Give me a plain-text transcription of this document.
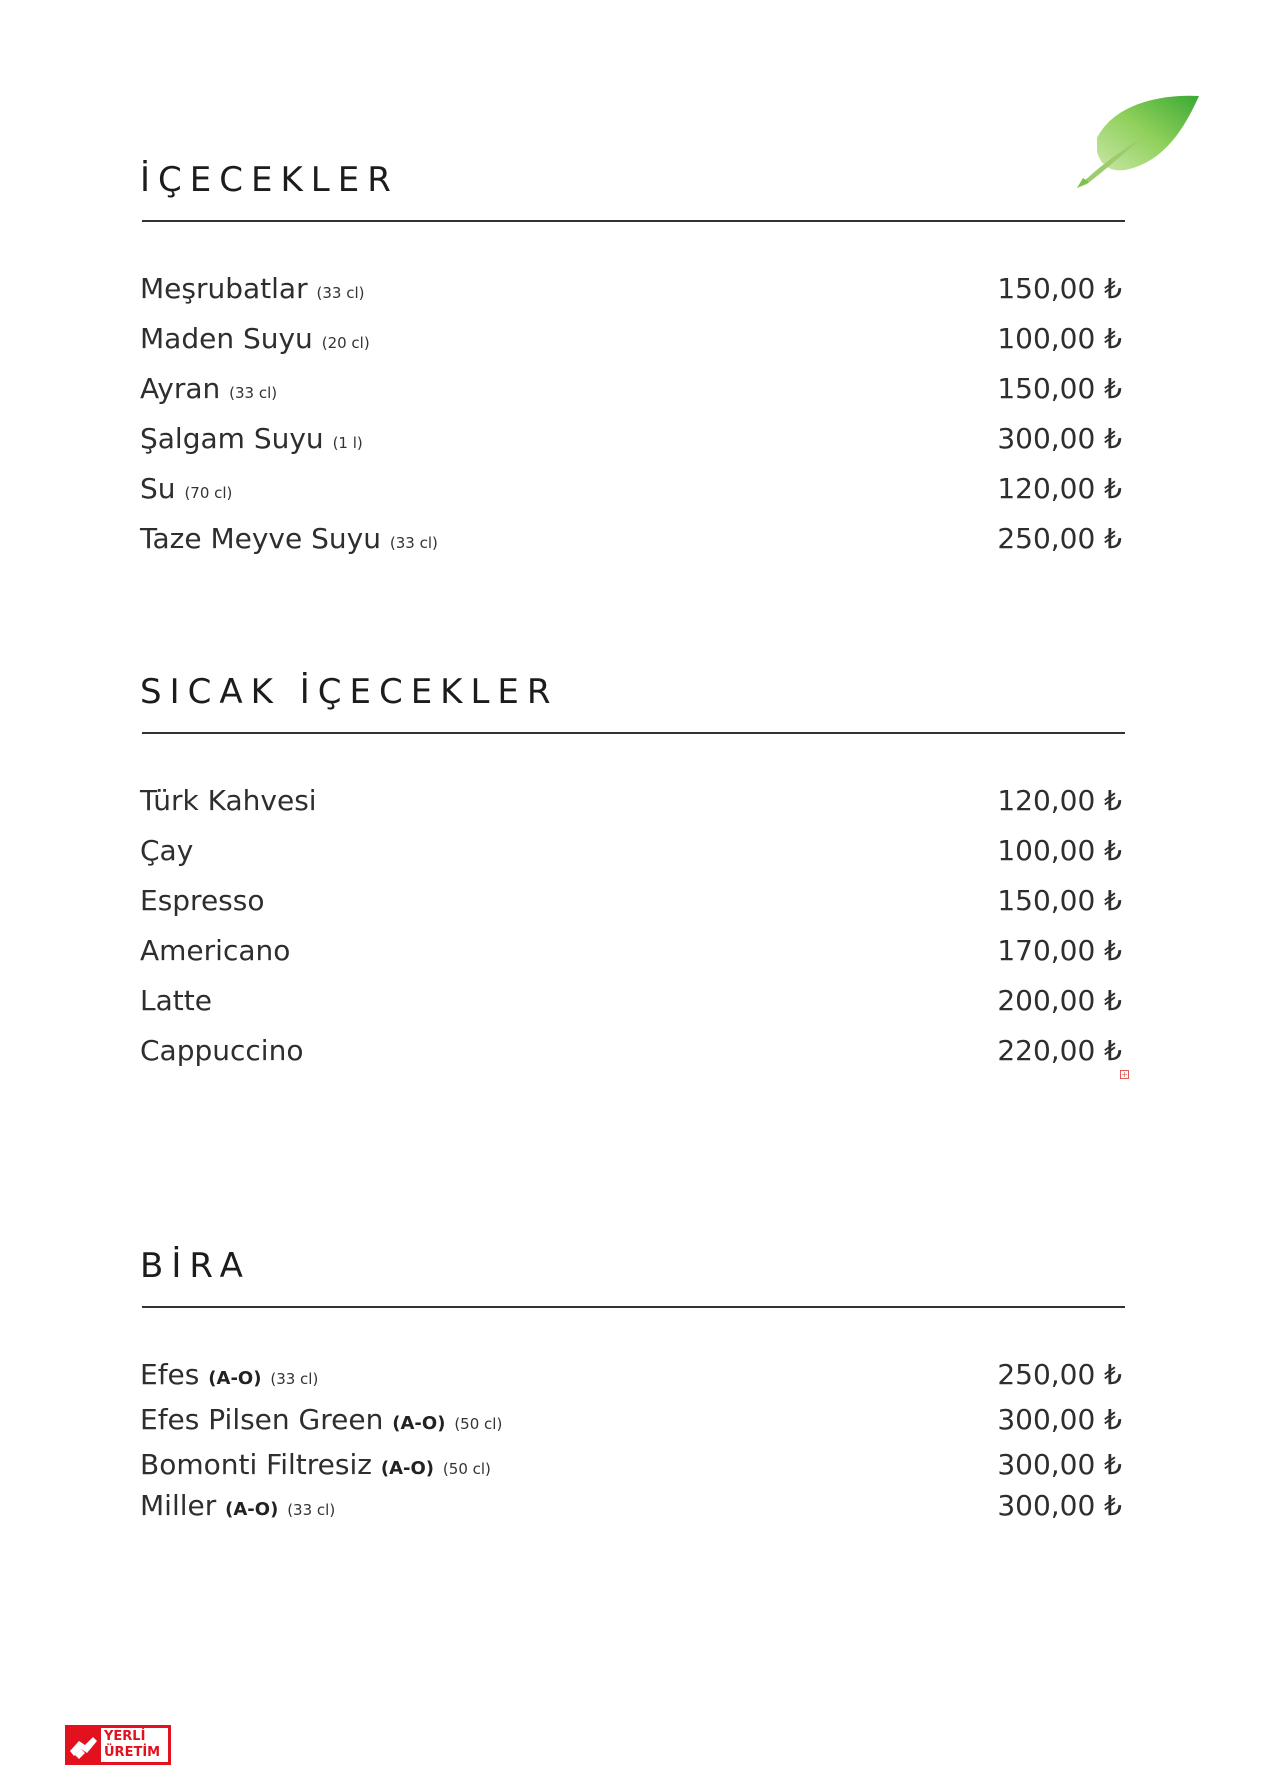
İÇECEKLER
Meşrubatlar (33 cl)	150,00 ₺
Maden Suyu (20 cl)	100,00 ₺
Ayran (33 cl)	150,00 ₺
Şalgam Suyu (1 l)	300,00 ₺
Su (70 cl)	120,00 ₺
Taze Meyve Suyu (33 cl)	250,00 ₺
SICAK İÇECEKLER
Türk Kahvesi	120,00 ₺
Çay	100,00 ₺
Espresso	150,00 ₺
Americano	170,00 ₺
Latte	200,00 ₺
Cappuccino	220,00 ₺
+
BİRA
Efes (A-O) (33 cl)	250,00 ₺
Efes Pilsen Green (A-O) (50 cl)	300,00 ₺
Bomonti Filtresiz (A-O) (50 cl)	300,00 ₺
Miller (A-O) (33 cl)	300,00 ₺
YERLİ
ÜRETİM
